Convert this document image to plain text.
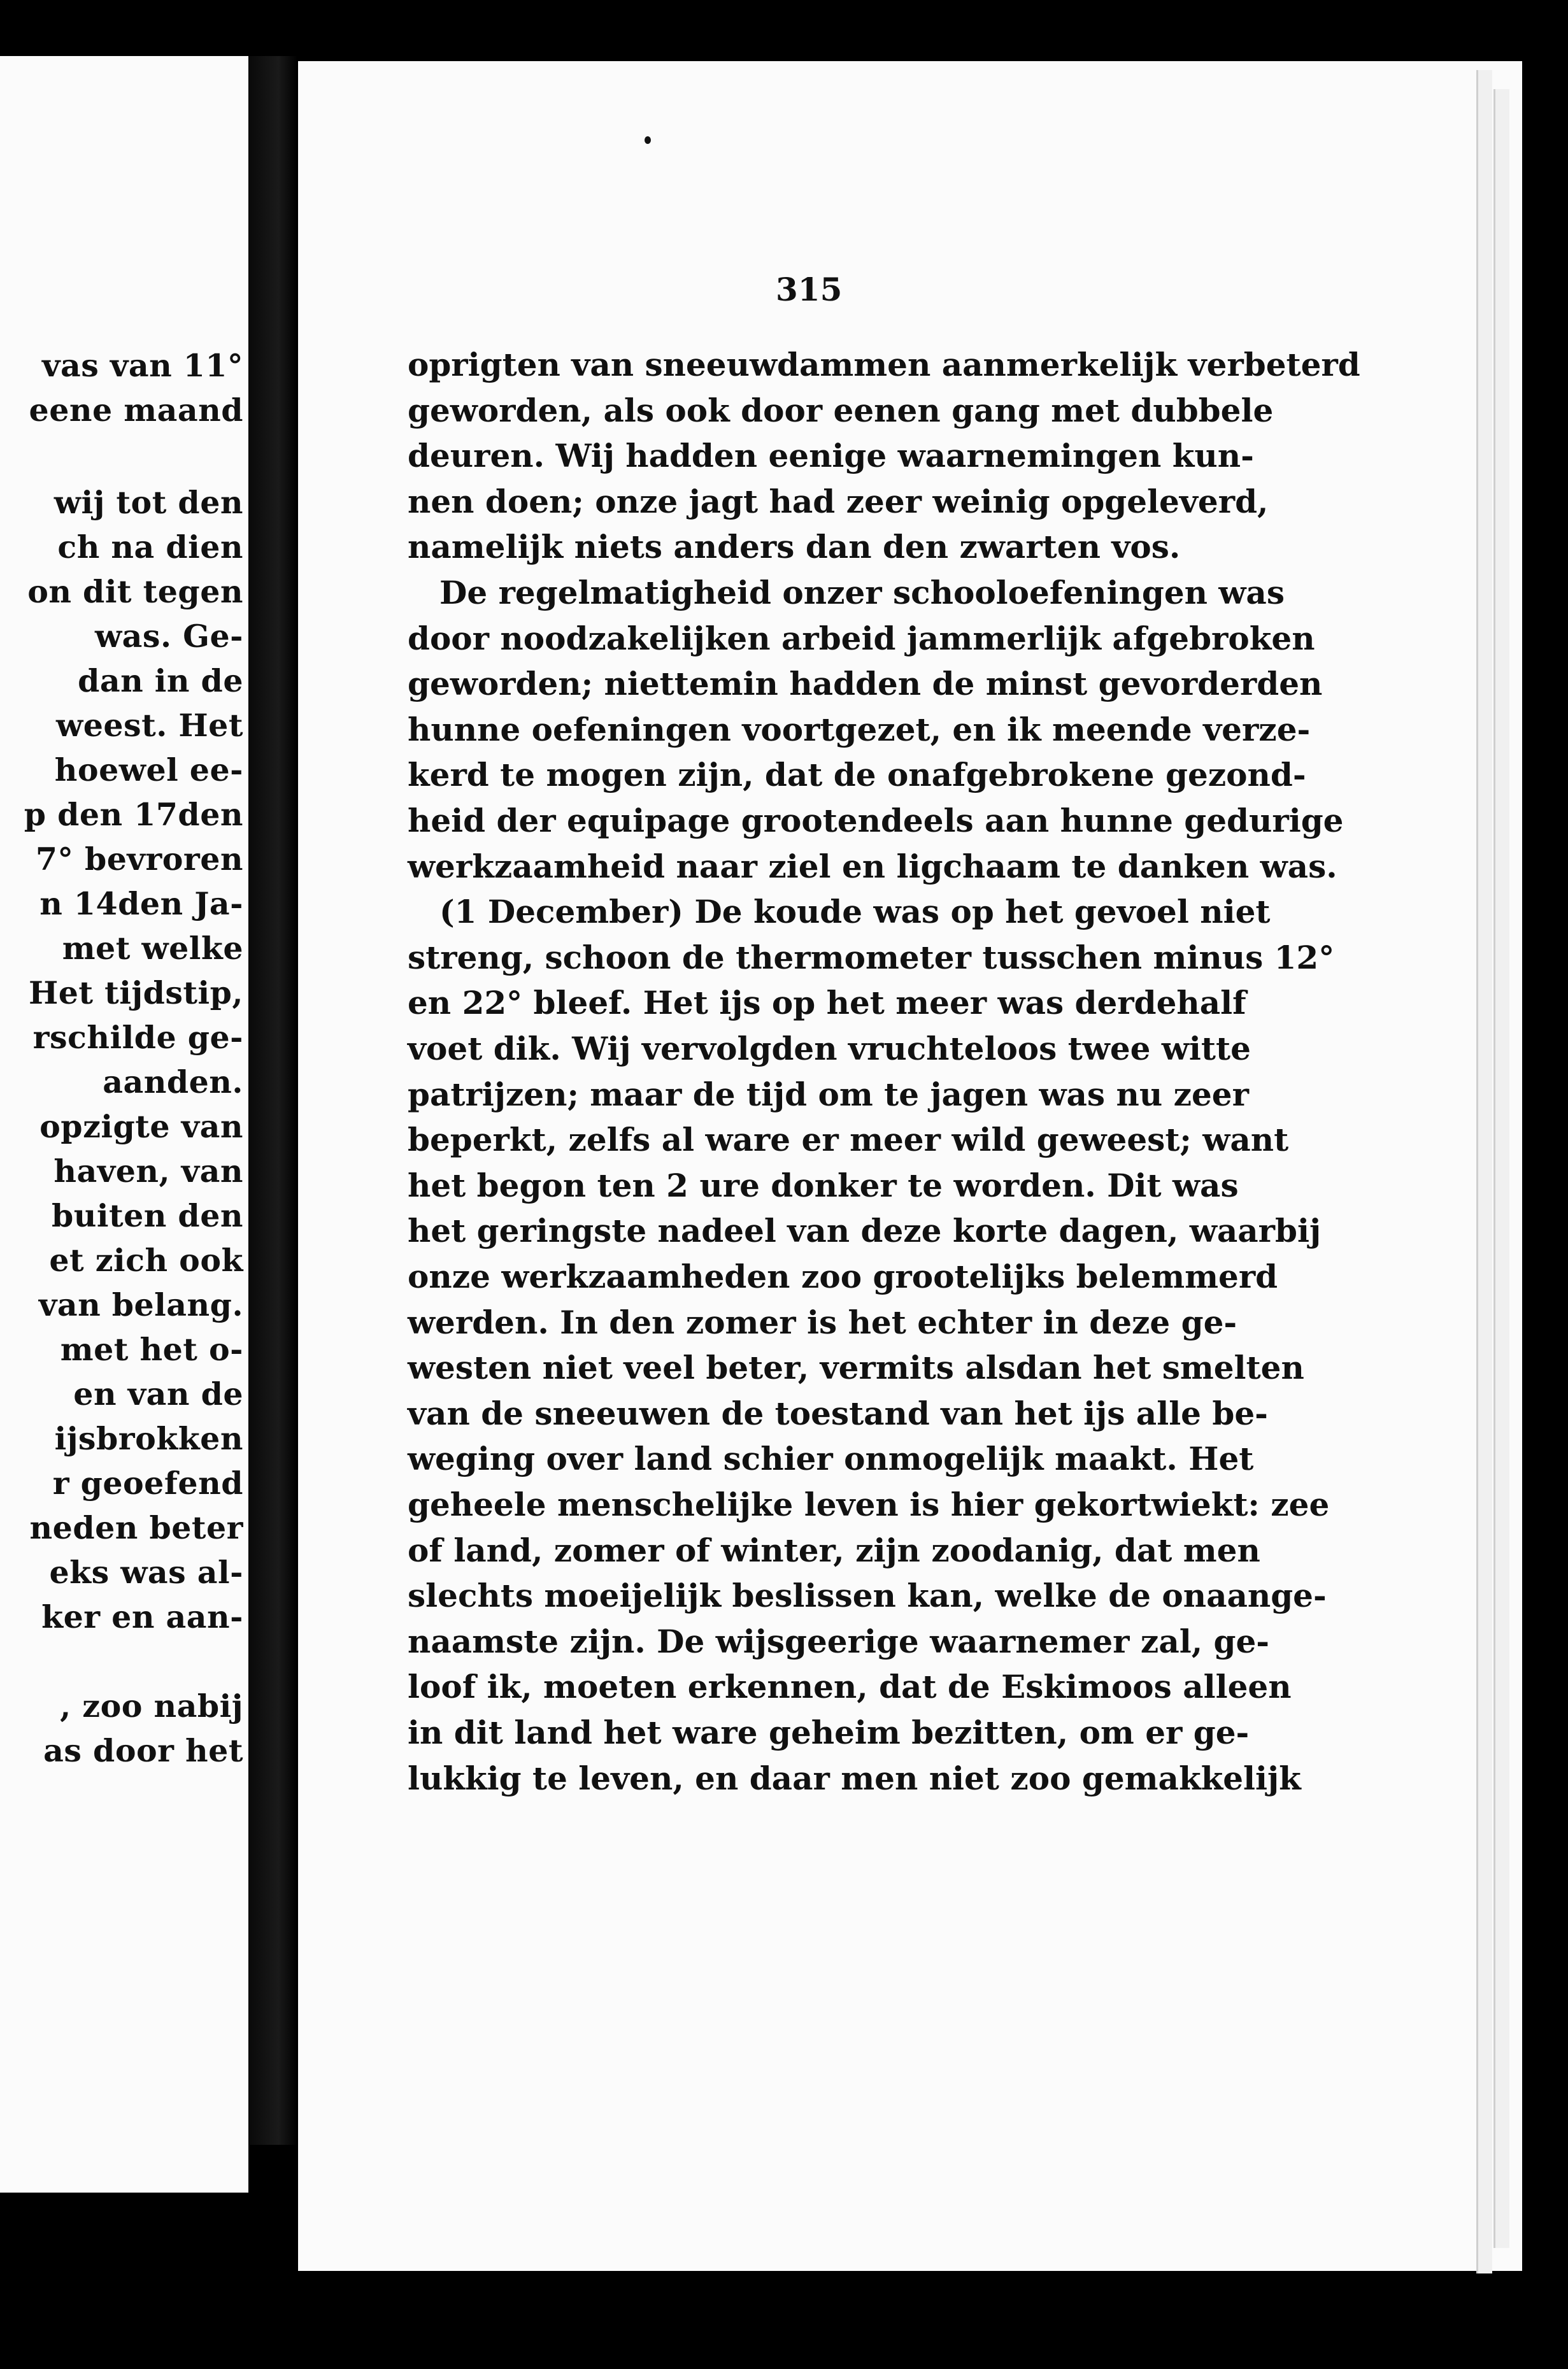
vas van 11°
eene maand
wij tot den
ch na dien
on dit tegen
was. Ge-
dan in de
weest. Het
hoewel ee-
p den 17den
7° bevroren
n 14den Ja-
met welke
Het tijdstip,
rschilde ge-
aanden.
opzigte van
haven, van
buiten den
et zich ook
van belang.
met het o-
en van de
ijsbrokken
r geoefend
neden beter
eks was al-
ker en aan-
, zoo nabij
as door het
315
oprigten van sneeuwdammen aanmerkelijk verbeterd
geworden, als ook door eenen gang met dubbele
deuren. Wij hadden eenige waarnemingen kun-
nen doen; onze jagt had zeer weinig opgeleverd,
namelijk niets anders dan den zwarten vos.
De regelmatigheid onzer schooloefeningen was
door noodzakelijken arbeid jammerlijk afgebroken
geworden; niettemin hadden de minst gevorderden
hunne oefeningen voortgezet, en ik meende verze-
kerd te mogen zijn, dat de onafgebrokene gezond-
heid der equipage grootendeels aan hunne gedurige
werkzaamheid naar ziel en ligchaam te danken was.
(1 December) De koude was op het gevoel niet
streng, schoon de thermometer tusschen minus 12°
en 22° bleef. Het ijs op het meer was derdehalf
voet dik. Wij vervolgden vruchteloos twee witte
patrijzen; maar de tijd om te jagen was nu zeer
beperkt, zelfs al ware er meer wild geweest; want
het begon ten 2 ure donker te worden. Dit was
het geringste nadeel van deze korte dagen, waarbij
onze werkzaamheden zoo grootelijks belemmerd
werden. In den zomer is het echter in deze ge-
westen niet veel beter, vermits alsdan het smelten
van de sneeuwen de toestand van het ijs alle be-
weging over land schier onmogelijk maakt. Het
geheele menschelijke leven is hier gekortwiekt: zee
of land, zomer of winter, zijn zoodanig, dat men
slechts moeijelijk beslissen kan, welke de onaange-
naamste zijn. De wijsgeerige waarnemer zal, ge-
loof ik, moeten erkennen, dat de Eskimoos alleen
in dit land het ware geheim bezitten, om er ge-
lukkig te leven, en daar men niet zoo gemakkelijk
